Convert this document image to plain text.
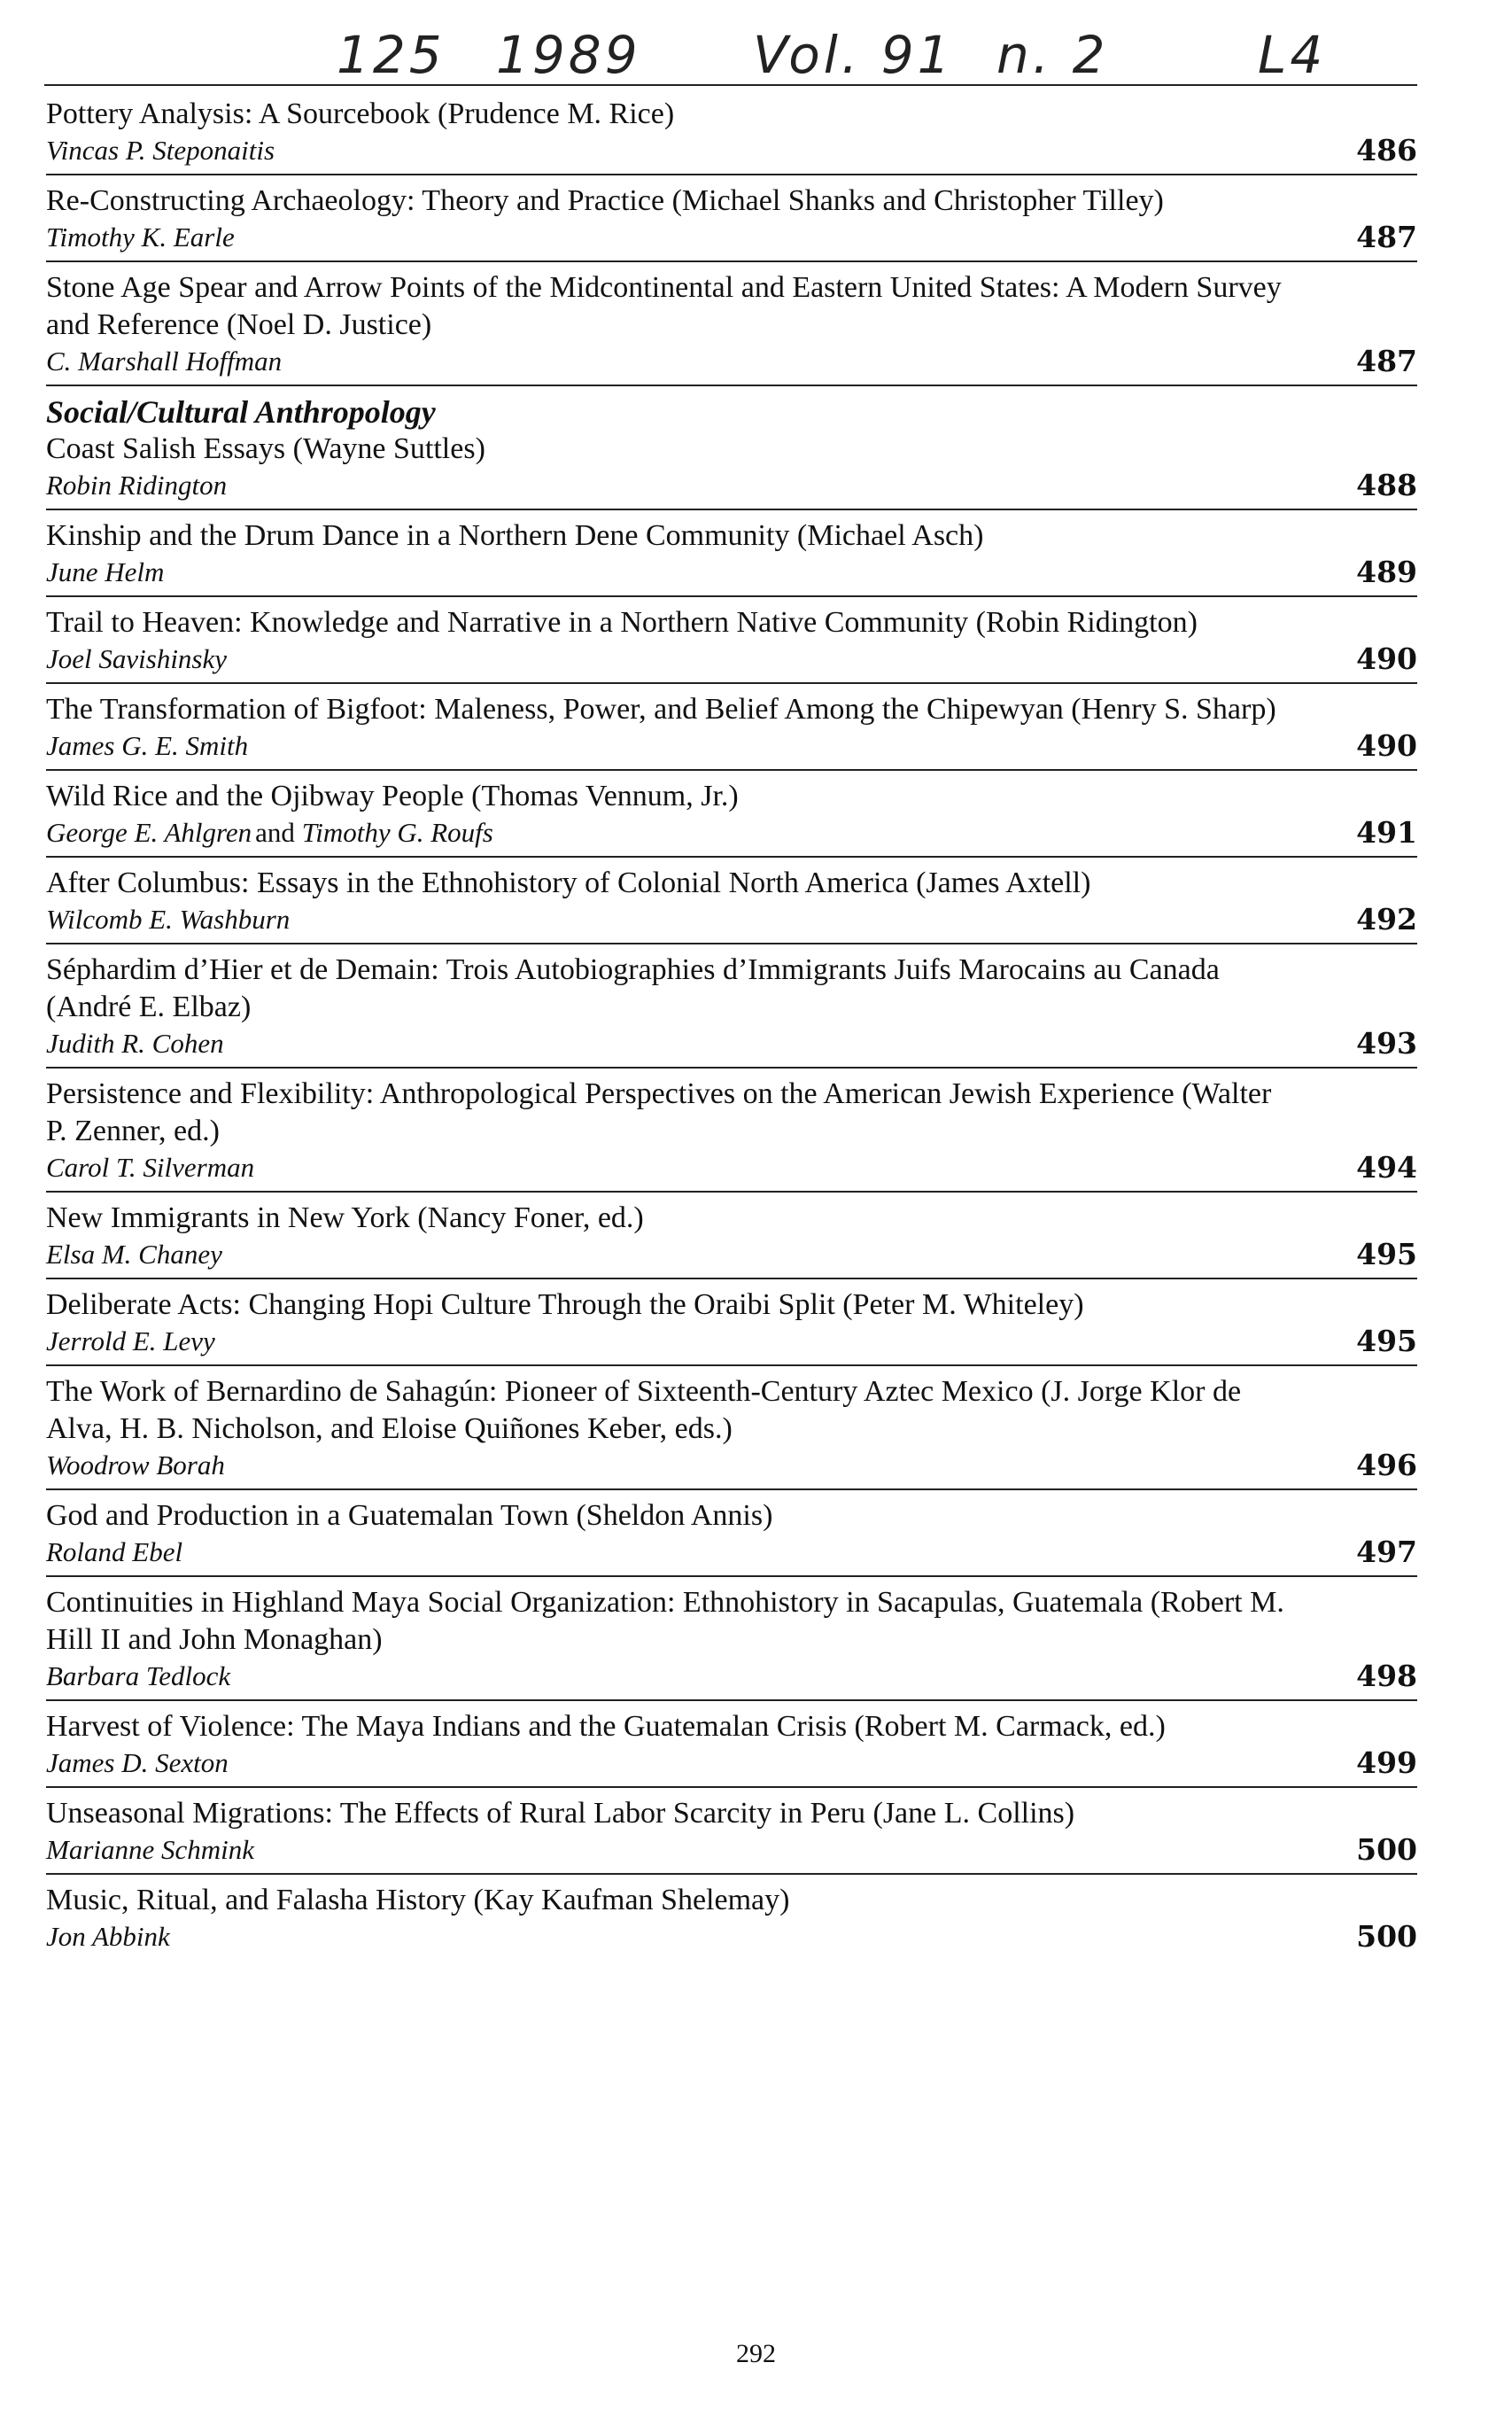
125 1989 Vol. 91 n. 2	L4
Pottery Analysis: A Sourcebook (Prudence M. Rice)
Vincas P. Steponaitis	486
Re-Constructing Archaeology: Theory and Practice (Michael Shanks and Christopher Tilley)
Timothy K. Earle	487
Stone Age Spear and Arrow Points of the Midcontinental and Eastern United States: A Modern Survey and Reference (Noel D. Justice)
C. Marshall Hoffman	487
Social/Cultural Anthropology
Coast Salish Essays (Wayne Suttles)
Robin Ridington	488
Kinship and the Drum Dance in a Northern Dene Community (Michael Asch)
June Helm	489
Trail to Heaven: Knowledge and Narrative in a Northern Native Community (Robin Ridington)
Joel Savishinsky	490
The Transformation of Bigfoot: Maleness, Power, and Belief Among the Chipewyan (Henry S. Sharp)
James G. E. Smith	490
Wild Rice and the Ojibway People (Thomas Vennum, Jr.)
George E. Ahlgren and Timothy G. Roufs	491
After Columbus: Essays in the Ethnohistory of Colonial North America (James Axtell)
Wilcomb E. Washburn	492
Séphardim d’Hier et de Demain: Trois Autobiographies d’Immigrants Juifs Marocains au Canada (André E. Elbaz)
Judith R. Cohen	493
Persistence and Flexibility: Anthropological Perspectives on the American Jewish Experience (Walter P. Zenner, ed.)
Carol T. Silverman	494
New Immigrants in New York (Nancy Foner, ed.)
Elsa M. Chaney	495
Deliberate Acts: Changing Hopi Culture Through the Oraibi Split (Peter M. Whiteley)
Jerrold E. Levy	495
The Work of Bernardino de Sahagún: Pioneer of Sixteenth-Century Aztec Mexico (J. Jorge Klor de Alva, H. B. Nicholson, and Eloise Quiñones Keber, eds.)
Woodrow Borah	496
God and Production in a Guatemalan Town (Sheldon Annis)
Roland Ebel	497
Continuities in Highland Maya Social Organization: Ethnohistory in Sacapulas, Guatemala (Robert M. Hill II and John Monaghan)
Barbara Tedlock	498
Harvest of Violence: The Maya Indians and the Guatemalan Crisis (Robert M. Carmack, ed.)
James D. Sexton	499
Unseasonal Migrations: The Effects of Rural Labor Scarcity in Peru (Jane L. Collins)
Marianne Schmink	500
Music, Ritual, and Falasha History (Kay Kaufman Shelemay)
Jon Abbink	500
292
